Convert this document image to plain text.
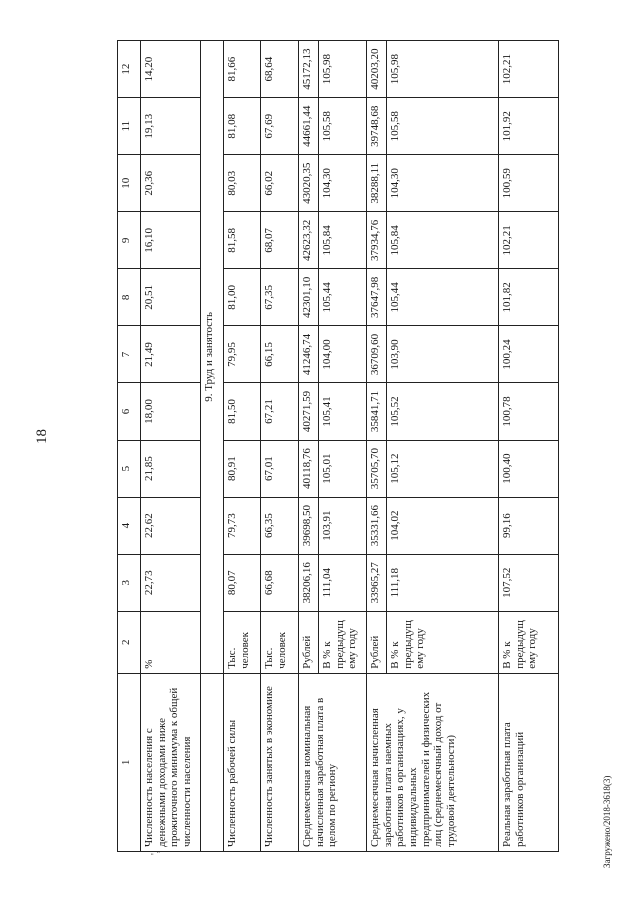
18
Загружено/2018-3618(3)
',
1	2	3	4	5	6	7	8	9	10	11	12
Численность населения с денежными доходами ниже прожиточного минимума к общей численности населения	%	22,73	22,62	21,85	18,00	21,49	20,51	16,10	20,36	19,13	14,20
	9. Труд и занятость										
Численность рабочей силы	Тыс. человек	80,07	79,73	80,91	81,50	79,95	81,00	81,58	80,03	81,08	81,66
Численность занятых в экономике	Тыс. человек	66,68	66,35	67,01	67,21	66,15	67,35	68,07	66,02	67,69	68,64
Среднемесячная номинальная начисленная заработная плата в целом по региону	Рублей	38206,16	39698,50	40118,76	40271,59	41246,74	42301,10	42623,32	43020,35	44661,44	45172,13
	В % к предыдущему году	111,04	103,91	105,01	105,41	104,00	105,44	105,84	104,30	105,58	105,98
Среднемесячная начисленная заработная плата наемных работников в организациях, у индивидуальных предпринимателей и физических лиц (среднемесячный доход от трудовой деятельности)	Рублей	33965,27	35331,66	35705,70	35841,71	36709,60	37647,98	37934,76	38288,11	39748,68	40203,20
	В % к предыдущему году	111,18	104,02	105,12	105,52	103,90	105,44	105,84	104,30	105,58	105,98
Реальная заработная плата работников организаций	В % к предыдущему году	107,52	99,16	100,40	100,78	100,24	101,82	102,21	100,59	101,92	102,21
